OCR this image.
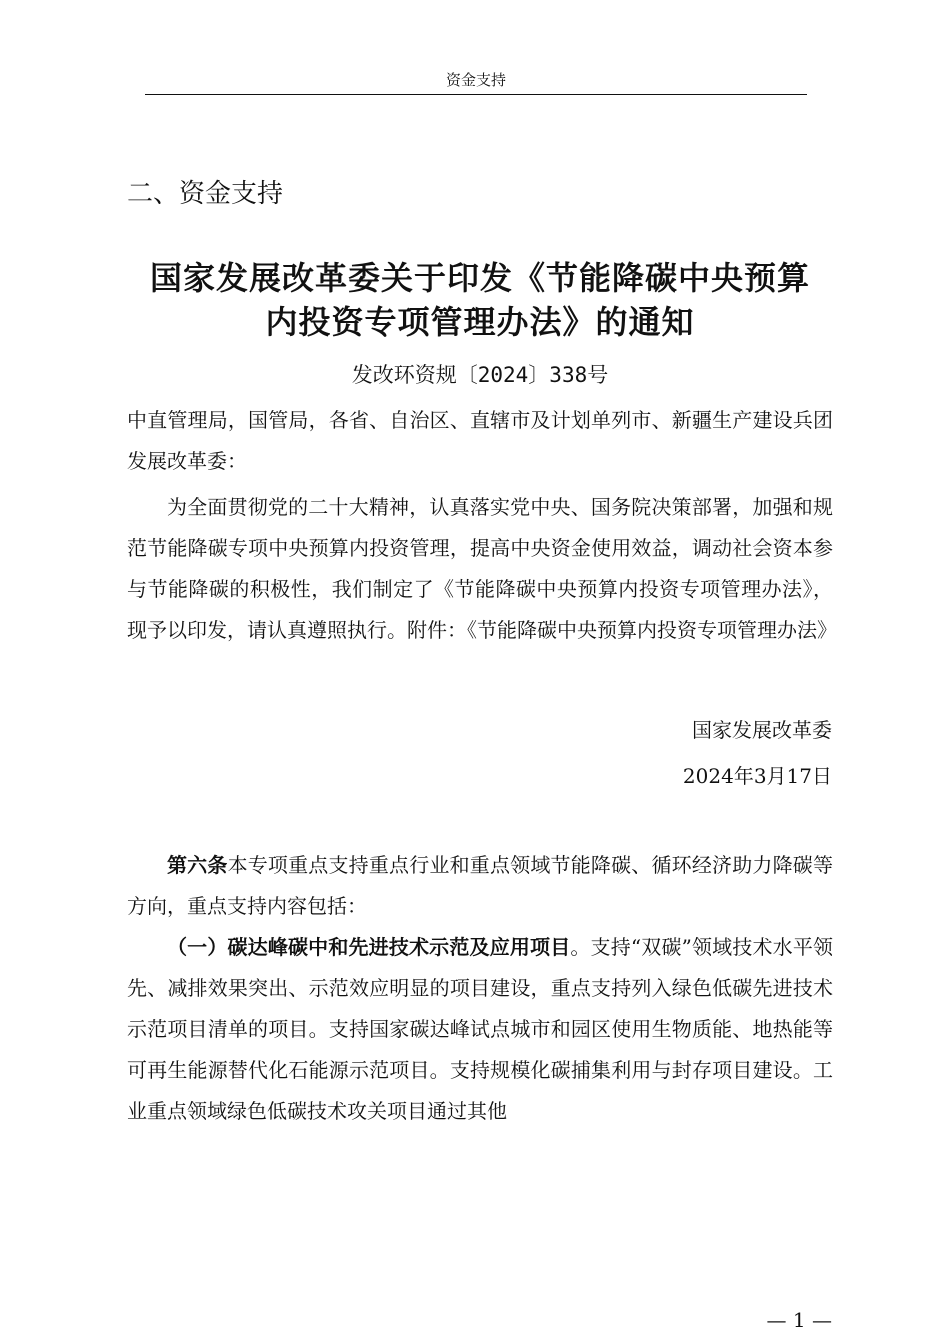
资金支持
二、资金支持
国家发展改革委关于印发《节能降碳中央预算
内投资专项管理办法》的通知
发改环资规〔2024〕338号

中直管理局，国管局，各省、自治区、直辖市及计划单列市、新疆生产建设兵团发展改革委：

为全面贯彻党的二十大精神，认真落实党中央、国务院决策部署，加强和规范节能降碳专项中央预算内投资管理，提高中央资金使用效益，调动社会资本参与节能降碳的积极性，我们制定了《节能降碳中央预算内投资专项管理办法》，现予以印发，请认真遵照执行。附件：《节能降碳中央预算内投资专项管理办法》

国家发展改革委
2024年3月17日

第六条本专项重点支持重点行业和重点领域节能降碳、循环经济助力降碳等方向，重点支持内容包括：

（一）碳达峰碳中和先进技术示范及应用项目。支持“双碳”领域技术水平领先、减排效果突出、示范效应明显的项目建设，重点支持列入绿色低碳先进技术示范项目清单的项目。支持国家碳达峰试点城市和园区使用生物质能、地热能等可再生能源替代化石能源示范项目。支持规模化碳捕集利用与封存项目建设。工业重点领域绿色低碳技术攻关项目通过其他

— 1 —
